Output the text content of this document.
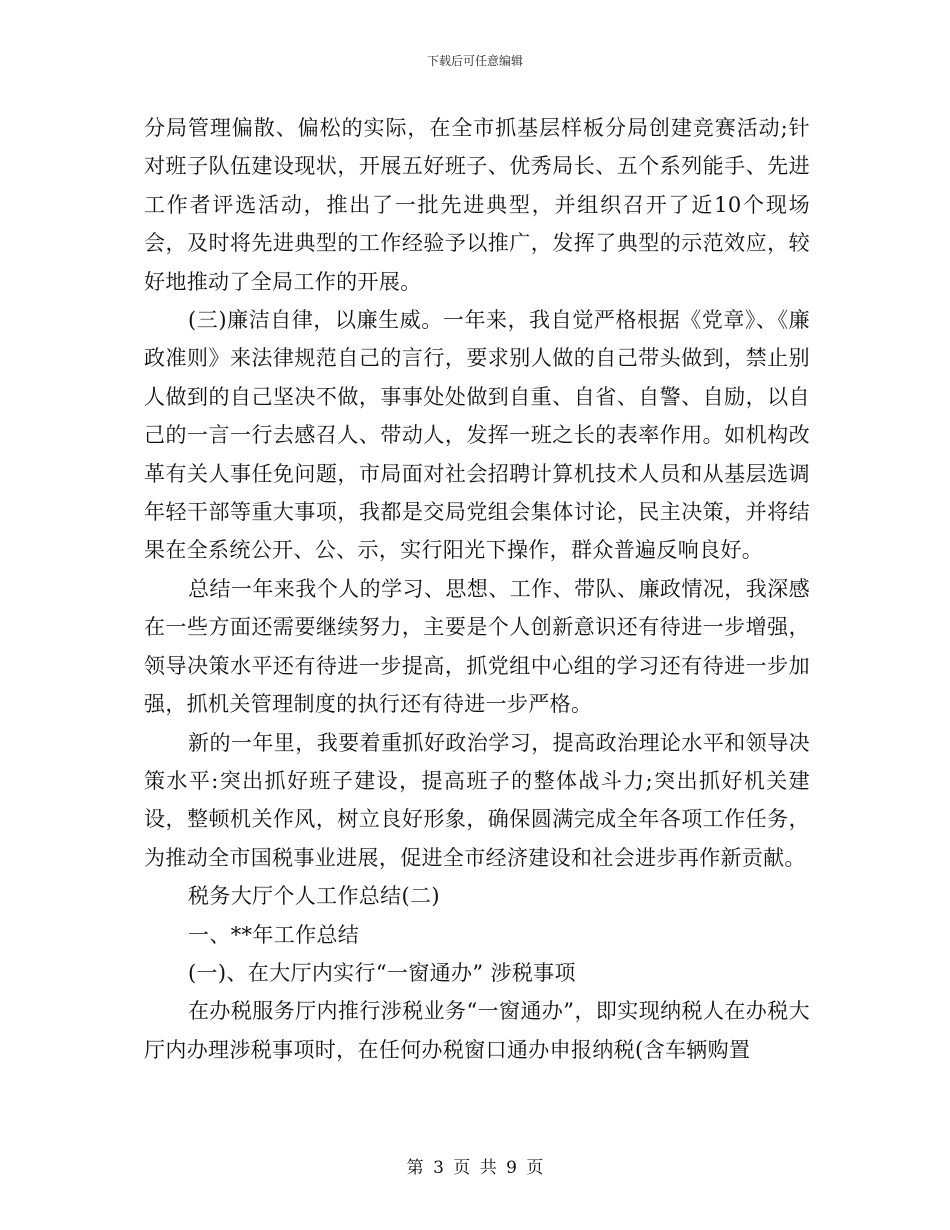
下载后可任意编辑

分局管理偏散、偏松的实际，在全市抓基层样板分局创建竞赛活动;针对班子队伍建设现状，开展五好班子、优秀局长、五个系列能手、先进工作者评选活动，推出了一批先进典型，并组织召开了近10个现场会，及时将先进典型的工作经验予以推广，发挥了典型的示范效应，较好地推动了全局工作的开展。

(三)廉洁自律，以廉生威。一年来，我自觉严格根据《党章》、《廉政准则》来法律规范自己的言行，要求别人做的自己带头做到，禁止别人做到的自己坚决不做，事事处处做到自重、自省、自警、自励，以自己的一言一行去感召人、带动人，发挥一班之长的表率作用。如机构改革有关人事任免问题，市局面对社会招聘计算机技术人员和从基层选调年轻干部等重大事项，我都是交局党组会集体讨论，民主决策，并将结果在全系统公开、公、示，实行阳光下操作，群众普遍反响良好。

总结一年来我个人的学习、思想、工作、带队、廉政情况，我深感在一些方面还需要继续努力，主要是个人创新意识还有待进一步增强，领导决策水平还有待进一步提高，抓党组中心组的学习还有待进一步加强，抓机关管理制度的执行还有待进一步严格。

新的一年里，我要着重抓好政治学习，提高政治理论水平和领导决策水平:突出抓好班子建设，提高班子的整体战斗力;突出抓好机关建设，整顿机关作风，树立良好形象，确保圆满完成全年各项工作任务，为推动全市国税事业进展，促进全市经济建设和社会进步再作新贡献。

税务大厅个人工作总结(二)

一、**年工作总结

(一)、在大厅内实行“一窗通办” 涉税事项

在办税服务厅内推行涉税业务“一窗通办”，即实现纳税人在办税大厅内办理涉税事项时，在任何办税窗口通办申报纳税(含车辆购置

第 3 页 共 9 页
